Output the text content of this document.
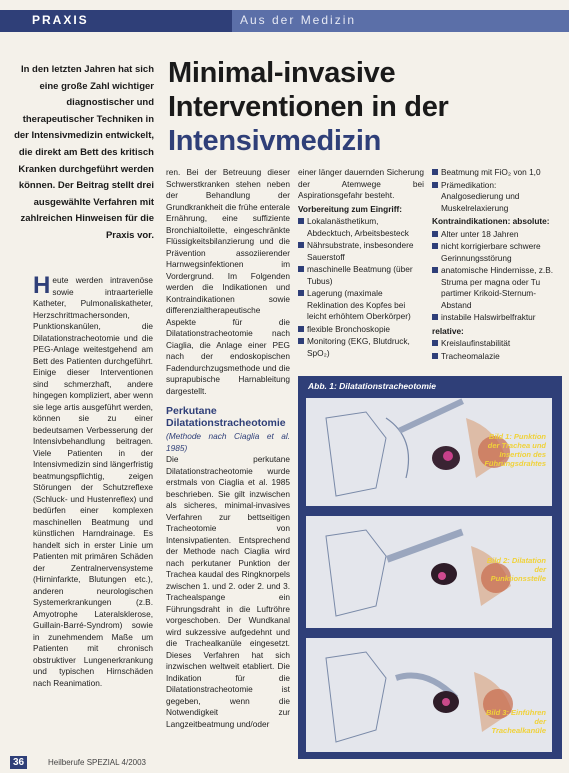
PRAXIS	Aus der Medizin
In den letzten Jahren hat sich eine große Zahl wichtiger diagnostischer und therapeutischer Techniken in der Intensivmedizin entwickelt, die direkt am Bett des kritisch Kranken durchgeführt werden können. Der Beitrag stellt drei ausgewählte Verfahren mit zahlreichen Hinweisen für die Praxis vor.
Minimal-invasive
Interventionen in der
Intensivmedizin
H eute werden intravenöse sowie intraarterielle Katheter, Pulmonaliskatheter, Herzschrittmachersonden, Punktionskanülen, die Dilatationstracheotomie und die PEG-Anlage weitestgehend am Bett des Patienten durchgeführt. Einige dieser Interventionen sind schmerzhaft, andere hingegen kompliziert, aber wenn sie lege artis ausgeführt werden, können sie zu einer bedeutsamen Verbesserung der Intensivbehandlung beitragen. Viele Patienten in der Intensivmedizin sind längerfristig beatmungspflichtig, zeigen Störungen der Schutzreflexe (Schluck- und Hustenreflex) und bedürfen einer komplexen maschinellen Beatmung und künstlichen Harndrainage. Es handelt sich in erster Linie um Patienten mit primären Schäden der Zentralnervensysteme (Hirninfarkte, Blutungen etc.), anderen neurologischen Systemerkrankungen (z.B. Amyotrophe Lateralsklerose, Guillain-Barré-Syndrom) sowie in zunehmendem Maße um Patienten mit chronisch obstruktiver Lungenerkrankung und typischen Hirnschäden nach Reanimation.
ren. Bei der Betreuung dieser Schwerstkranken stehen neben der Behandlung der Grundkrankheit die frühe enterale Ernährung, eine suffiziente Bronchialtoilette, eingeschränkte Flüssigkeitsbilanzierung und die Prävention assoziierender Harnwegsinfektionen im Vordergrund. Im Folgenden werden die Indikationen und Kontraindikationen sowie differenzialtherapeutische Aspekte für die Dilatationstracheotomie nach Ciaglia, die Anlage einer PEG nach der endoskopischen Fadendurchzugsmethode und die suprapubische Harnableitung dargestellt.
Perkutane Dilatationstracheotomie
(Methode nach Ciaglia et al. 1985)
Die perkutane Dilatationstracheotomie wurde erstmals von Ciaglia et al. 1985 beschrieben. Sie gilt inzwischen als sicheres, minimal-invasives Verfahren zur bettseitigen Tracheotomie von Intensivpatienten. Entsprechend der Methode nach Ciaglia wird nach perkutaner Punktion der Trachea kaudal des Ringknorpels zwischen 1. und 2. oder 2. und 3. Trachealspange ein Führungsdraht in die Luftröhre vorgeschoben. Der Wundkanal wird sukzessive aufgedehnt und die Trachealkanüle eingesetzt. Dieses Verfahren hat sich inzwischen weltweit etabliert. Die Indikation für die Dilatationstracheotomie ist gegeben, wenn die Notwendigkeit zur Langzeitbeatmung und/oder
einer länger dauernden Sicherung der Atemwege bei Aspirationsgefahr besteht.
Vorbereitung zum Eingriff:
Lokalanästhetikum, Abdecktuch, Arbeitsbesteck
Nährsubstrate, insbesondere Sauerstoff
maschinelle Beatmung (über Tubus)
Lagerung (maximale Reklination des Kopfes bei leicht erhöhtem Oberkörper)
flexible Bronchoskopie
Monitoring (EKG, Blutdruck, SpO₂)
Beatmung mit FiO₂ von 1,0
Prämedikation: Analgosedierung und Muskelrelaxierung
Kontraindikationen: absolute:
Alter unter 18 Jahren
nicht korrigierbare schwere Gerinnungsstörung
anatomische Hindernisse, z.B. Struma per magna oder Tu partimer Krikoid-Sternum-Abstand
instabile Halswirbelfraktur
relative:
Kreislaufinstabilität
Tracheomalazie
Abb. 1: Dilatationstracheotomie
Bild 1: Punktion der Trachea und Insertion des Führungsdrahtes
Bild 2: Dilatation der Punktionsstelle
Bild 3: Einführen der Trachealkanüle
36	Heilberufe SPEZIAL 4/2003
